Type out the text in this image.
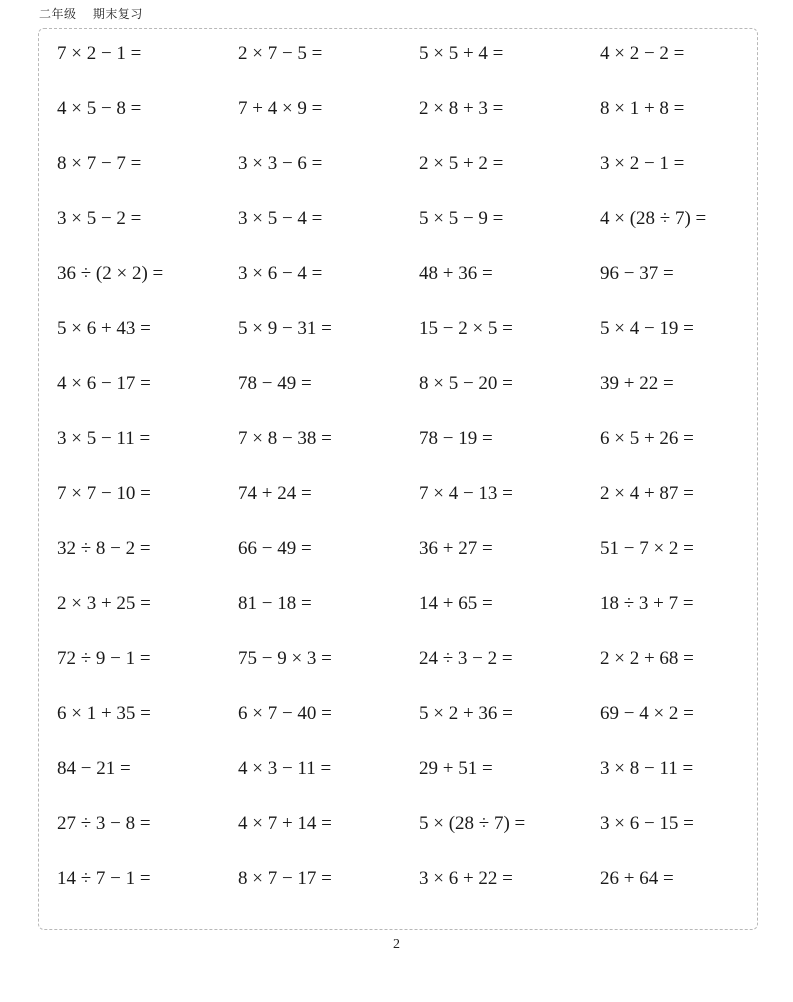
二年级 期末复习
7 × 2 − 1 =	2 × 7 − 5 =	5 × 5 + 4 =	4 × 2 − 2 =
4 × 5 − 8 =	7 + 4 × 9 =	2 × 8 + 3 =	8 × 1 + 8 =
8 × 7 − 7 =	3 × 3 − 6 =	2 × 5 + 2 =	3 × 2 − 1 =
3 × 5 − 2 =	3 × 5 − 4 =	5 × 5 − 9 =	4 × (28 ÷ 7) =
36 ÷ (2 × 2) =	3 × 6 − 4 =	48 + 36 =	96 − 37 =
5 × 6 + 43 =	5 × 9 − 31 =	15 − 2 × 5 =	5 × 4 − 19 =
4 × 6 − 17 =	78 − 49 =	8 × 5 − 20 =	39 + 22 =
3 × 5 − 11 =	7 × 8 − 38 =	78 − 19 =	6 × 5 + 26 =
7 × 7 − 10 =	74 + 24 =	7 × 4 − 13 =	2 × 4 + 87 =
32 ÷ 8 − 2 =	66 − 49 =	36 + 27 =	51 − 7 × 2 =
2 × 3 + 25 =	81 − 18 =	14 + 65 =	18 ÷ 3 + 7 =
72 ÷ 9 − 1 =	75 − 9 × 3 =	24 ÷ 3 − 2 =	2 × 2 + 68 =
6 × 1 + 35 =	6 × 7 − 40 =	5 × 2 + 36 =	69 − 4 × 2 =
84 − 21 =	4 × 3 − 11 =	29 + 51 =	3 × 8 − 11 =
27 ÷ 3 − 8 =	4 × 7 + 14 =	5 × (28 ÷ 7) =	3 × 6 − 15 =
14 ÷ 7 − 1 =	8 × 7 − 17 =	3 × 6 + 22 =	26 + 64 =
2
